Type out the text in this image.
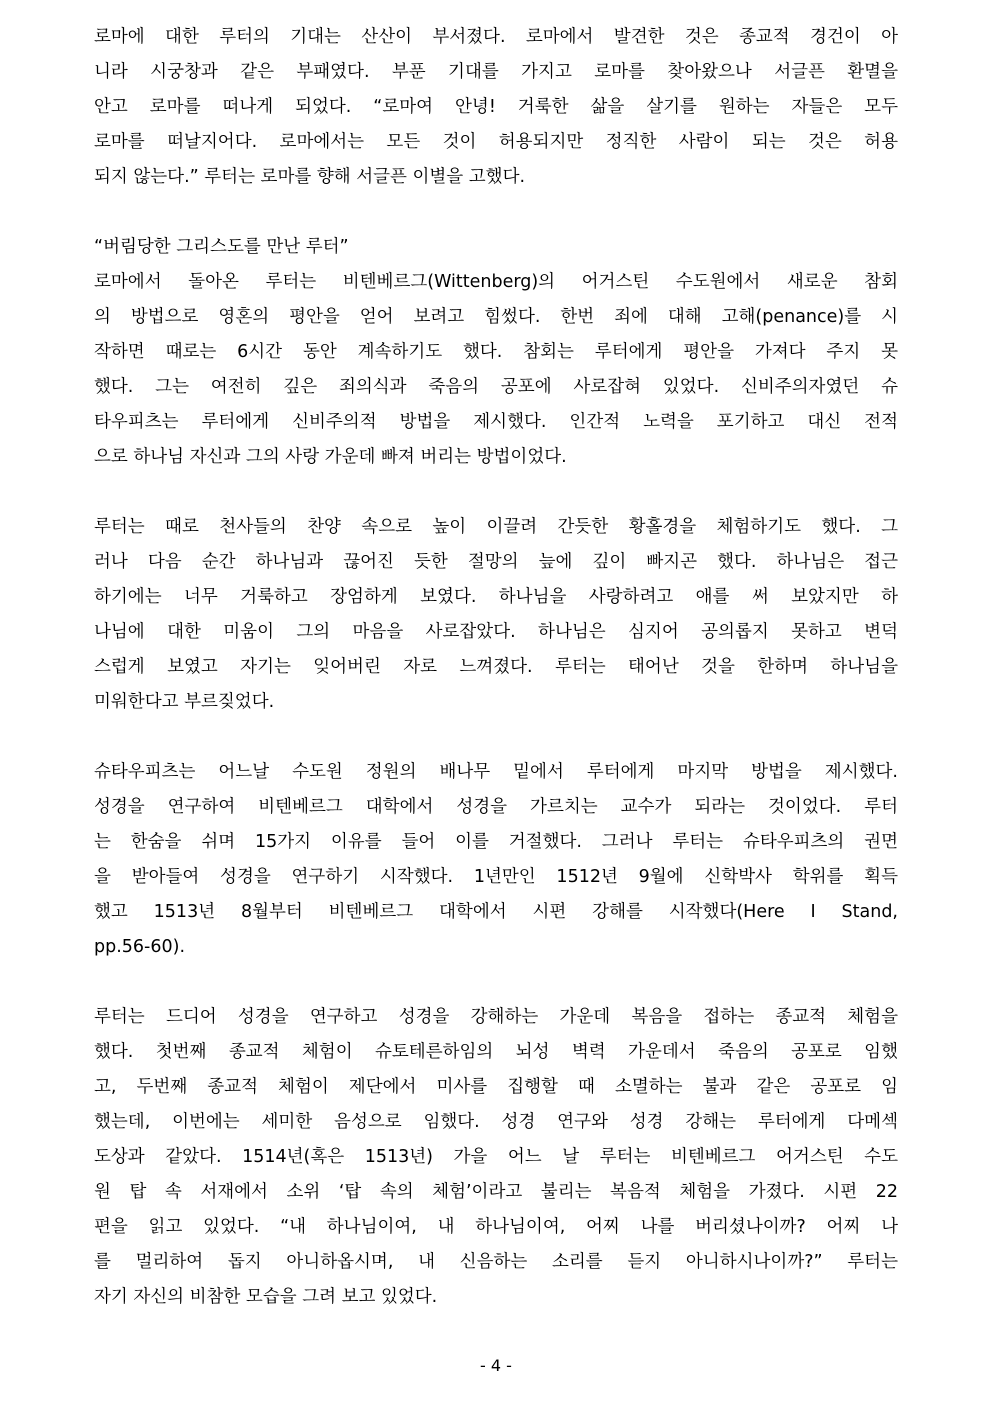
로마에 대한 루터의 기대는 산산이 부서졌다. 로마에서 발견한 것은 종교적 경건이 아
니라 시궁창과 같은 부패였다. 부푼 기대를 가지고 로마를 찾아왔으나 서글픈 환멸을
안고 로마를 떠나게 되었다. “로마여 안녕! 거룩한 삶을 살기를 원하는 자들은 모두
로마를 떠날지어다. 로마에서는 모든 것이 허용되지만 정직한 사람이 되는 것은 허용
되지 않는다.” 루터는 로마를 향해 서글픈 이별을 고했다.
“버림당한 그리스도를 만난 루터”
로마에서 돌아온 루터는 비텐베르그(Wittenberg)의 어거스틴 수도원에서 새로운 참회
의 방법으로 영혼의 평안을 얻어 보려고 힘썼다. 한번 죄에 대해 고해(penance)를 시
작하면 때로는 6시간 동안 계속하기도 했다. 참회는 루터에게 평안을 가져다 주지 못
했다. 그는 여전히 깊은 죄의식과 죽음의 공포에 사로잡혀 있었다. 신비주의자였던 슈
타우피츠는 루터에게 신비주의적 방법을 제시했다. 인간적 노력을 포기하고 대신 전적
으로 하나님 자신과 그의 사랑 가운데 빠져 버리는 방법이었다.
루터는 때로 천사들의 찬양 속으로 높이 이끌려 간듯한 황홀경을 체험하기도 했다. 그
러나 다음 순간 하나님과 끊어진 듯한 절망의 늪에 깊이 빠지곤 했다. 하나님은 접근
하기에는 너무 거룩하고 장엄하게 보였다. 하나님을 사랑하려고 애를 써 보았지만 하
나님에 대한 미움이 그의 마음을 사로잡았다. 하나님은 심지어 공의롭지 못하고 변덕
스럽게 보였고 자기는 잊어버린 자로 느껴졌다. 루터는 태어난 것을 한하며 하나님을
미워한다고 부르짖었다.
슈타우피츠는 어느날 수도원 정원의 배나무 밑에서 루터에게 마지막 방법을 제시했다.
성경을 연구하여 비텐베르그 대학에서 성경을 가르치는 교수가 되라는 것이었다. 루터
는 한숨을 쉬며 15가지 이유를 들어 이를 거절했다. 그러나 루터는 슈타우피츠의 권면
을 받아들여 성경을 연구하기 시작했다. 1년만인 1512년 9월에 신학박사 학위를 획득
했고 1513년 8월부터 비텐베르그 대학에서 시편 강해를 시작했다(Here I Stand,
pp.56-60).
루터는 드디어 성경을 연구하고 성경을 강해하는 가운데 복음을 접하는 종교적 체험을
했다. 첫번째 종교적 체험이 슈토테른하임의 뇌성 벽력 가운데서 죽음의 공포로 임했
고, 두번째 종교적 체험이 제단에서 미사를 집행할 때 소멸하는 불과 같은 공포로 임
했는데, 이번에는 세미한 음성으로 임했다. 성경 연구와 성경 강해는 루터에게 다메섹
도상과 같았다. 1514년(혹은 1513년) 가을 어느 날 루터는 비텐베르그 어거스틴 수도
원 탑 속 서재에서 소위 ‘탑 속의 체험’이라고 불리는 복음적 체험을 가졌다. 시편 22
편을 읽고 있었다. “내 하나님이여, 내 하나님이여, 어찌 나를 버리셨나이까? 어찌 나
를 멀리하여 돕지 아니하옵시며, 내 신음하는 소리를 듣지 아니하시나이까?” 루터는
자기 자신의 비참한 모습을 그려 보고 있었다.
- 4 -
